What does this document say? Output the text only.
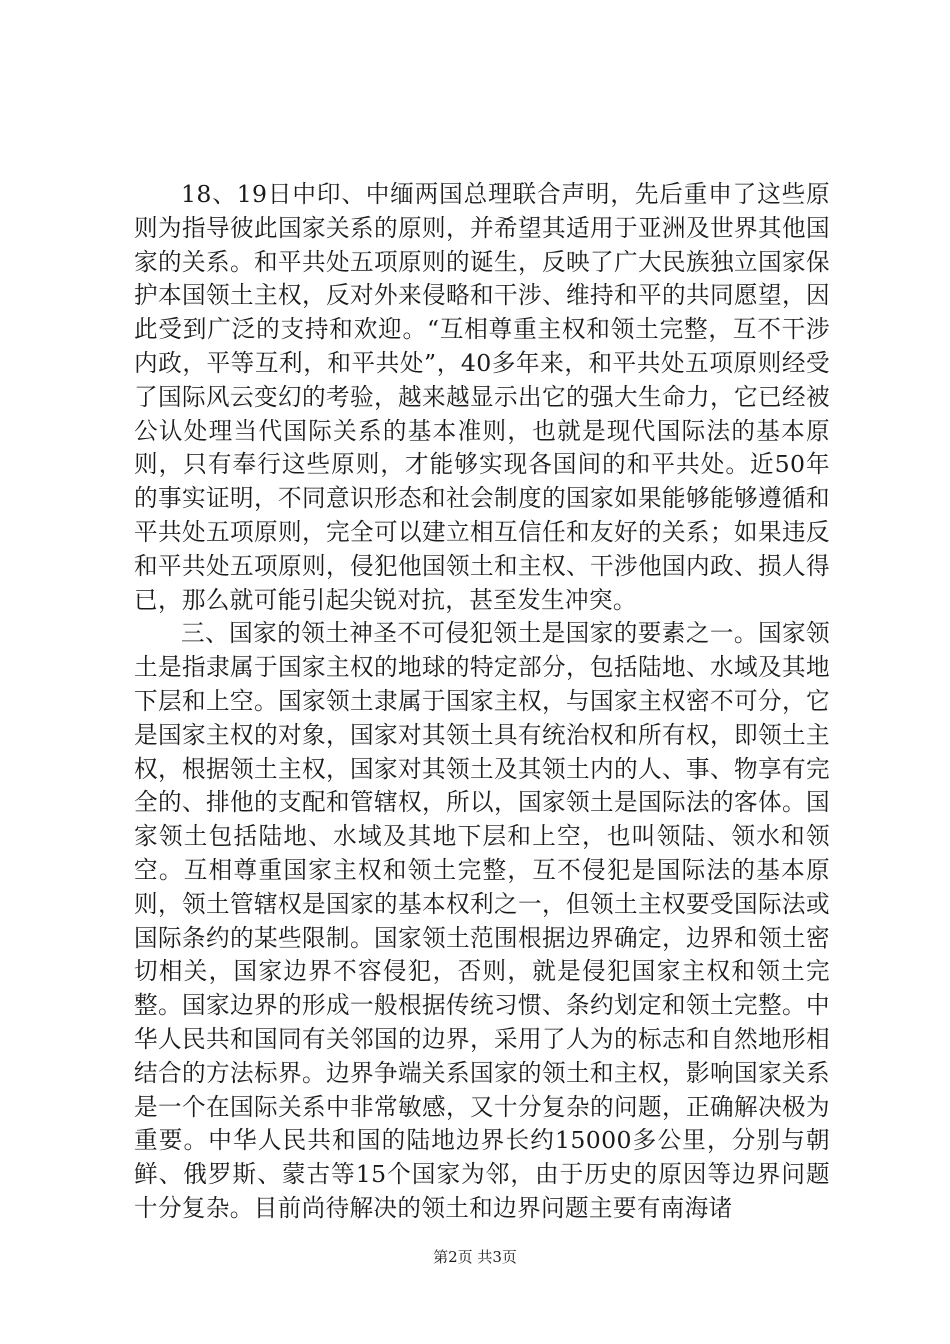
18、19日中印、中缅两国总理联合声明，先后重申了这些原则为指导彼此国家关系的原则，并希望其适用于亚洲及世界其他国家的关系。和平共处五项原则的诞生，反映了广大民族独立国家保护本国领土主权，反对外来侵略和干涉、维持和平的共同愿望，因此受到广泛的支持和欢迎。“互相尊重主权和领土完整，互不干涉内政，平等互利，和平共处”，40多年来，和平共处五项原则经受了国际风云变幻的考验，越来越显示出它的强大生命力，它已经被公认处理当代国际关系的基本准则，也就是现代国际法的基本原则，只有奉行这些原则，才能够实现各国间的和平共处。近50年的事实证明，不同意识形态和社会制度的国家如果能够能够遵循和平共处五项原则，完全可以建立相互信任和友好的关系；如果违反和平共处五项原则，侵犯他国领土和主权、干涉他国内政、损人得已，那么就可能引起尖锐对抗，甚至发生冲突。

三、国家的领土神圣不可侵犯领土是国家的要素之一。国家领土是指隶属于国家主权的地球的特定部分，包括陆地、水域及其地下层和上空。国家领土隶属于国家主权，与国家主权密不可分，它是国家主权的对象，国家对其领土具有统治权和所有权，即领土主权，根据领土主权，国家对其领土及其领土内的人、事、物享有完全的、排他的支配和管辖权，所以，国家领土是国际法的客体。国家领土包括陆地、水域及其地下层和上空，也叫领陆、领水和领空。互相尊重国家主权和领土完整，互不侵犯是国际法的基本原则，领土管辖权是国家的基本权利之一，但领土主权要受国际法或国际条约的某些限制。国家领土范围根据边界确定，边界和领土密切相关，国家边界不容侵犯，否则，就是侵犯国家主权和领土完整。国家边界的形成一般根据传统习惯、条约划定和领土完整。中华人民共和国同有关邻国的边界，采用了人为的标志和自然地形相结合的方法标界。边界争端关系国家的领土和主权，影响国家关系是一个在国际关系中非常敏感，又十分复杂的问题，正确解决极为重要。中华人民共和国的陆地边界长约15000多公里，分别与朝鲜、俄罗斯、蒙古等15个国家为邻，由于历史的原因等边界问题十分复杂。目前尚待解决的领土和边界问题主要有南海诸

第2页 共3页
